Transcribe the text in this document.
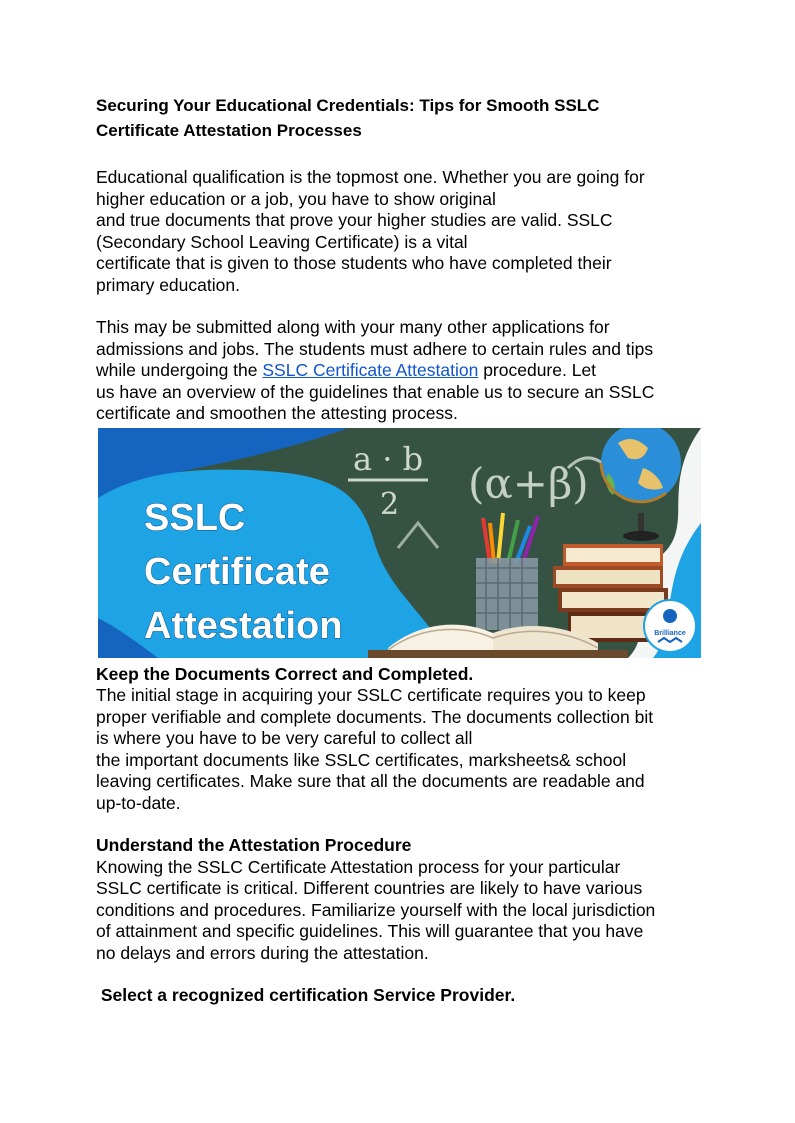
Securing Your Educational Credentials: Tips for Smooth SSLC
Certificate Attestation Processes

Educational qualification is the topmost one. Whether you are going for
higher education or a job, you have to show original
and true documents that prove your higher studies are valid. SSLC
(Secondary School Leaving Certificate) is a vital
certificate that is given to those students who have completed their
primary education.

This may be submitted along with your many other applications for
admissions and jobs. The students must adhere to certain rules and tips
while undergoing the SSLC Certificate Attestation procedure. Let
us have an overview of the guidelines that enable us to secure an SSLC
certificate and smoothen the attesting process.

a · b
2 (α+β)
Brilliance
SSLC
Certificate
Attestation
Keep the Documents Correct and Completed.

The initial stage in acquiring your SSLC certificate requires you to keep
proper verifiable and complete documents. The documents collection bit
is where you have to be very careful to collect all
the important documents like SSLC certificates, marksheets& school
leaving certificates. Make sure that all the documents are readable and
up-to-date.

Understand the Attestation Procedure

Knowing the SSLC Certificate Attestation process for your particular
SSLC certificate is critical. Different countries are likely to have various
conditions and procedures. Familiarize yourself with the local jurisdiction
of attainment and specific guidelines. This will guarantee that you have
no delays and errors during the attestation.

Select a recognized certification Service Provider.
